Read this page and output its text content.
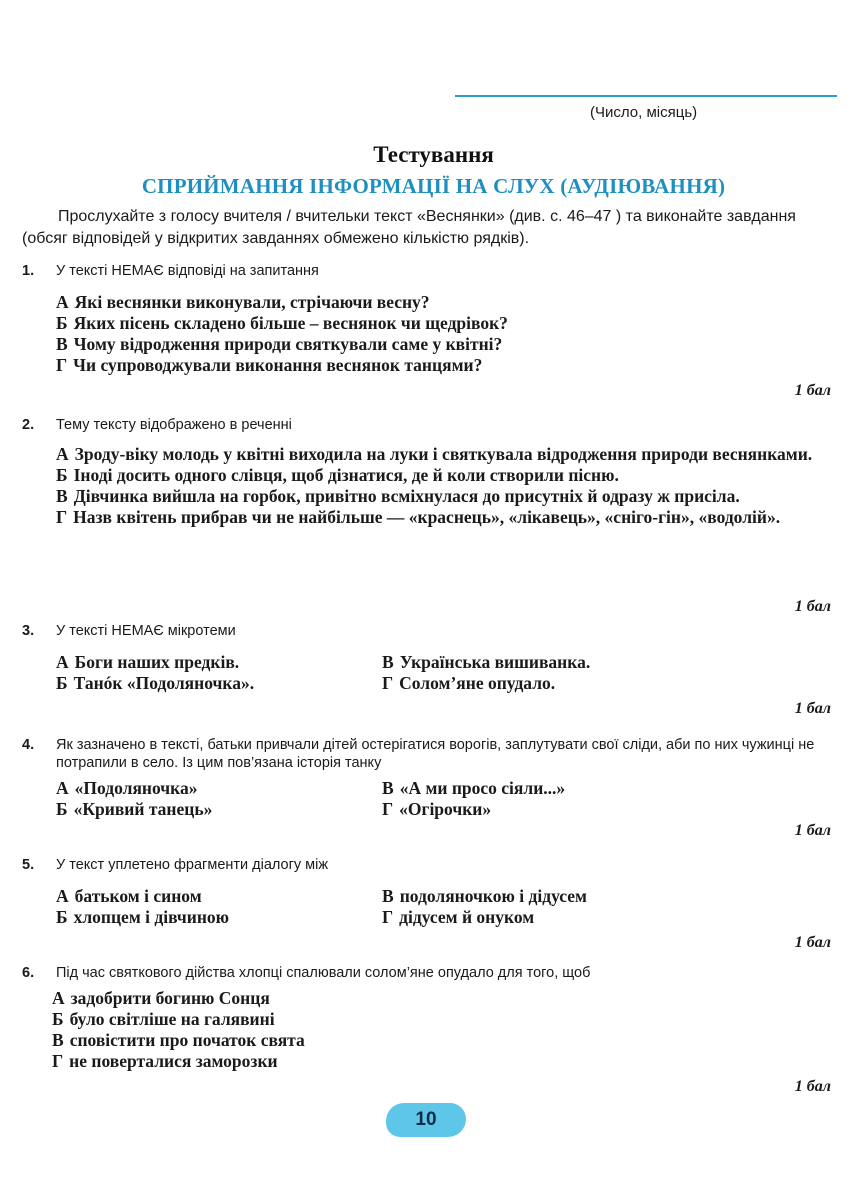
(Число, місяць)
Тестування
СПРИЙМАННЯ ІНФОРМАЦІЇ НА СЛУХ (АУДІЮВАННЯ)
Прослухайте з голосу вчителя / вчительки текст «Веснянки» (див. с. 46–47 ) та виконайте завдання (обсяг відповідей у відкритих завданнях обмежено кількістю рядків).
1.	У тексті НЕМАЄ відповіді на запитання
А Які веснянки виконували, стрічаючи весну?
Б Яких пісень складено більше – веснянок чи щедрівок?
В Чому відродження природи святкували саме у квітні?
Г Чи супроводжували виконання веснянок танцями?
1 бал
2.	Тему тексту відображено в реченні
А Зроду-віку молодь у квітні виходила на луки і святкувала відродження природи веснянками.
Б Іноді досить одного слівця, щоб дізнатися, де й коли створили пісню.
В Дівчинка вийшла на горбок, привітно всміхнулася до присутніх й одразу ж присіла.
Г Назв квітень прибрав чи не найбільше — «краснець», «лікавець», «сніго-гін», «водолій».
1 бал
3.	У тексті НЕМАЄ мікротеми
А Боги наших предків.	В Українська вишиванка.
Б Танóк «Подоляночка».	Г Солом’яне опудало.
1 бал
4.	Як зазначено в тексті, батьки привчали дітей остерігатися ворогів, заплутувати свої сліди, аби по них чужинці не потрапили в село. Із цим пов’язана історія танку
А «Подоляночка»	В «А ми просо сіяли...»
Б «Кривий танець»	Г «Огірочки»
1 бал
5.	У текст уплетено фрагменти діалогу між
А батьком і сином	В подоляночкою і дідусем
Б хлопцем і дівчиною	Г дідусем й онуком
1 бал
6.	Під час святкового дійства хлопці спалювали солом’яне опудало для того, щоб
А задобрити богиню Сонця
Б було світліше на галявині
В сповістити про початок свята
Г не поверталися заморозки
1 бал
10
